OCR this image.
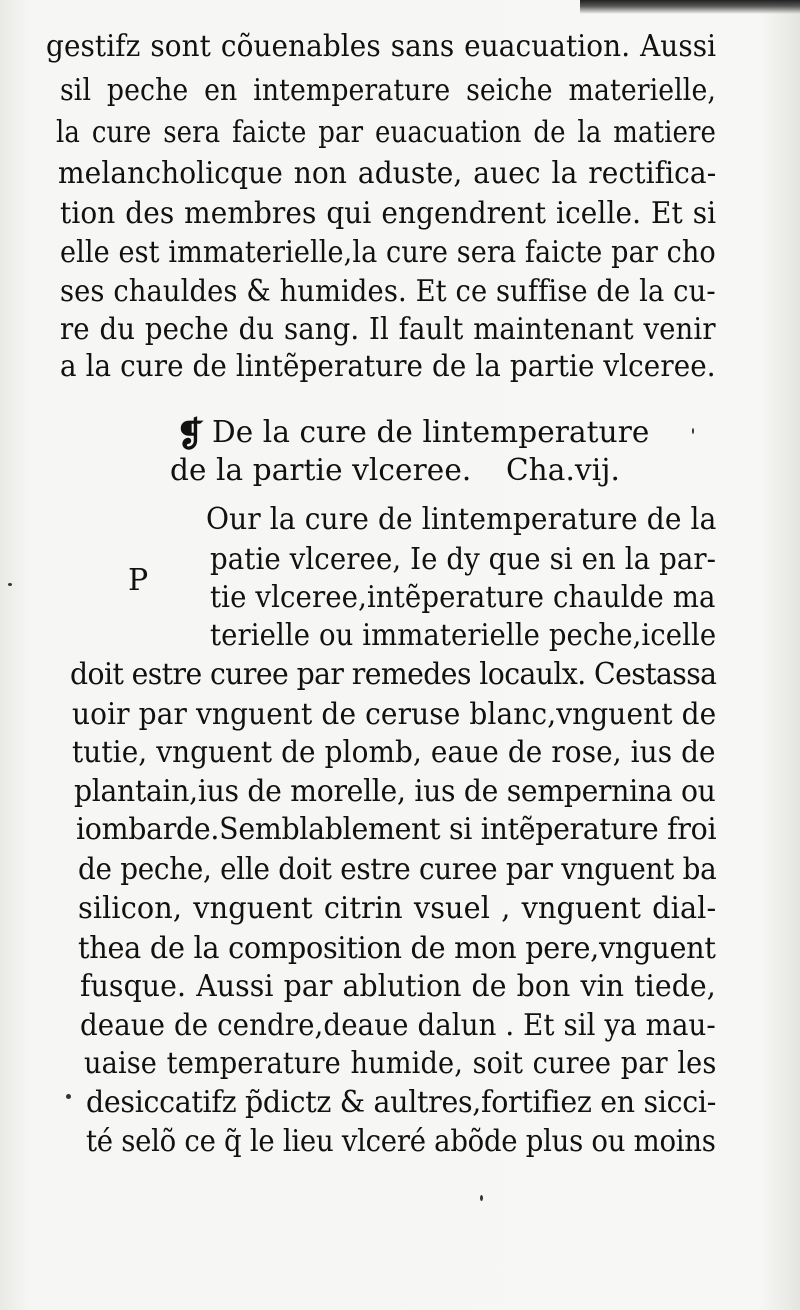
gestifz sont cõuenables sans euacuation. Aussi
sil peche en intemperature seiche materielle,
la cure sera faicte par euacuation de la matiere
melancholicque non aduste, auec la rectifica-
tion des membres qui engendrent icelle. Et si
elle est immaterielle,la cure sera faicte par cho
ses chauldes & humides. Et ce suffise de la cu-
re du peche du sang. Il fault maintenant venir
a la cure de lintẽperature de la partie vlceree.
❡ De la cure de lintemperature
de la partie vlceree. Cha.vij.
P
Our la cure de lintemperature de la
patie vlceree, Ie dy que si en la par-
tie vlceree,intẽperature chaulde ma
terielle ou immaterielle peche,icelle
doit estre curee par remedes locaulx. Cestassa
uoir par vnguent de ceruse blanc,vnguent de
tutie, vnguent de plomb, eaue de rose, ius de
plantain,ius de morelle, ius de sempernina ou
iombarde.Semblablement si intẽperature froi
de peche, elle doit estre curee par vnguent ba
silicon, vnguent citrin vsuel , vnguent dial-
thea de la composition de mon pere,vnguent
fusque. Aussi par ablution de bon vin tiede,
deaue de cendre,deaue dalun . Et sil ya mau-
uaise temperature humide, soit curee par les
desiccatifz p̃dictz & aultres,fortifiez en sicci-
té selõ ce q̃ le lieu vlceré abõde plus ou moins
